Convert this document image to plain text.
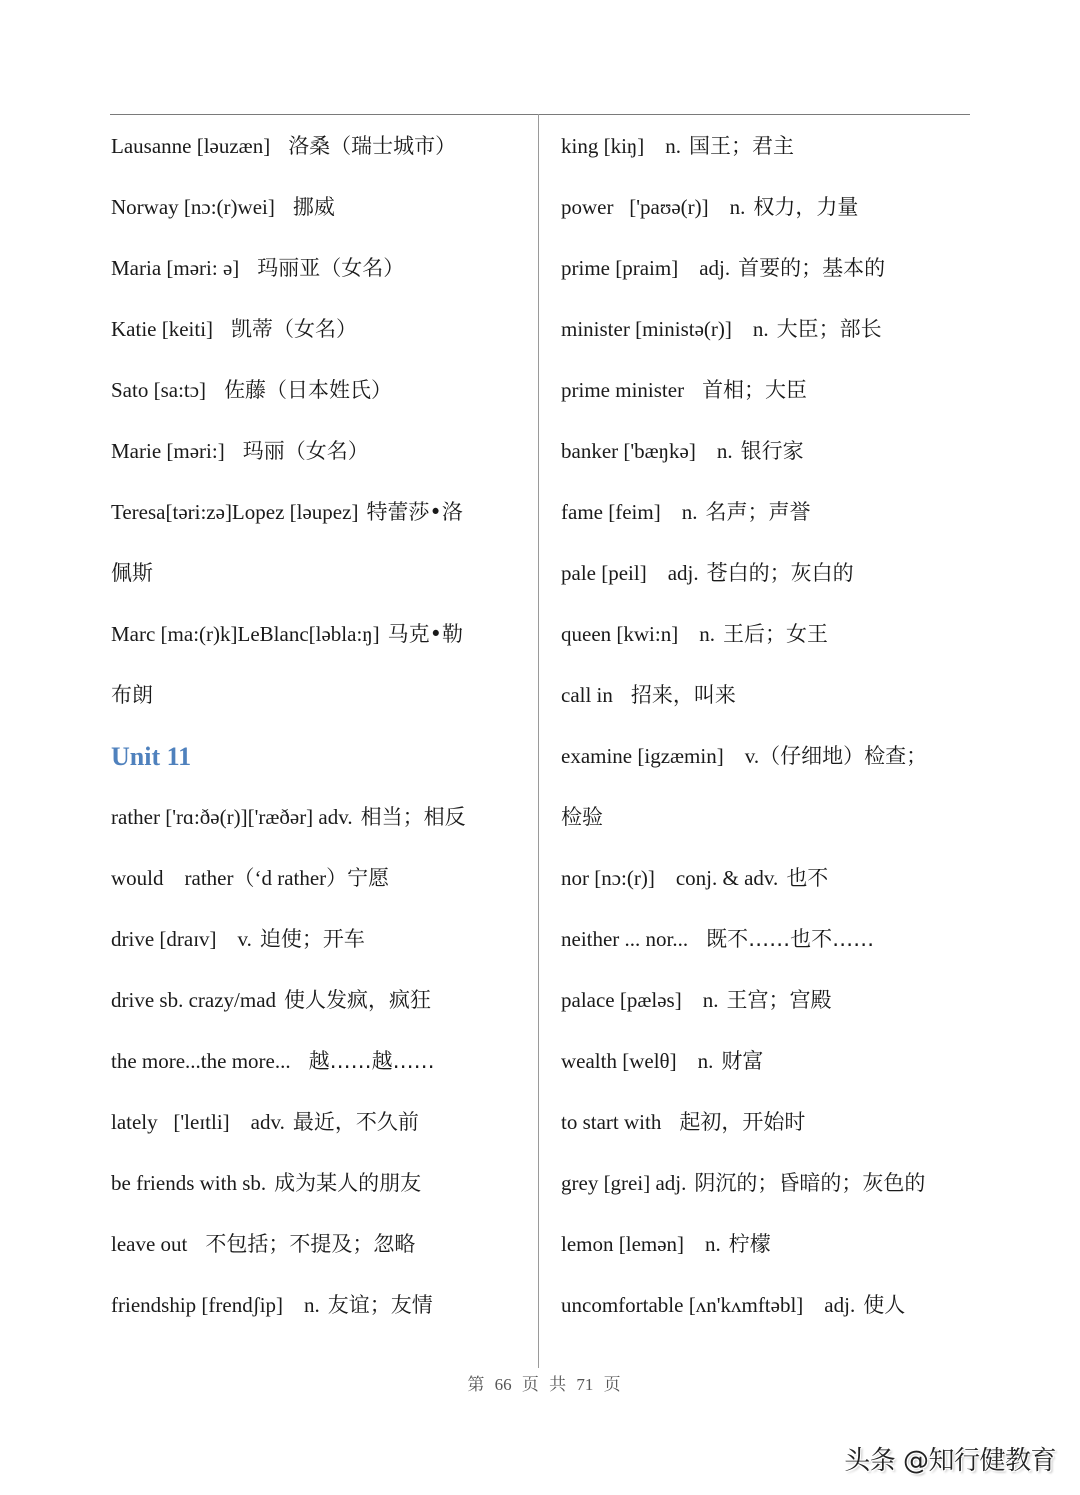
Lausanne [ləuzæn] 洛桑（瑞士城市）
Norway [nɔ:(r)wei] 挪威
Maria [məri: ə] 玛丽亚（女名）
Katie [keiti] 凯蒂（女名）
Sato [sa:tɔ] 佐藤（日本姓氏）
Marie [məri:] 玛丽（女名）
Teresa[təri:zə]Lopez [ləupez] 特蕾莎•洛
佩斯
Marc [ma:(r)k]LeBlanc[ləbla:ŋ] 马克•勒
布朗
Unit 11
rather ['rɑ:ðə(r)]['ræðər] adv. 相当；相反
would    rather（‘d rather）宁愿
drive [draɪv]    v. 迫使；开车
drive sb. crazy/mad 使人发疯，疯狂
the more...the more... 越……越……
lately   ['leɪtli]    adv. 最近，不久前
be friends with sb. 成为某人的朋友
leave out 不包括；不提及；忽略
friendship [frendʃip]    n. 友谊；友情
king [kiŋ]    n. 国王；君主
power   ['paʊə(r)]    n. 权力，力量
prime [praim]    adj. 首要的；基本的
minister [ministə(r)]    n. 大臣；部长
prime minister 首相；大臣
banker ['bæŋkə]    n. 银行家
fame [feim]    n. 名声；声誉
pale [peil]    adj. 苍白的；灰白的
queen [kwi:n]    n. 王后；女王
call in 招来，叫来
examine [igzæmin]    v.（仔细地）检查；
检验
nor [nɔ:(r)]    conj. & adv. 也不
neither ... nor... 既不……也不……
palace [pæləs]    n. 王宫；宫殿
wealth [welθ]    n. 财富
to start with 起初，开始时
grey [grei] adj. 阴沉的；昏暗的；灰色的
lemon [lemən]    n. 柠檬
uncomfortable [ʌn'kʌmftəbl]    adj. 使人
第 66 页 共 71 页
头条 @知行健教育
